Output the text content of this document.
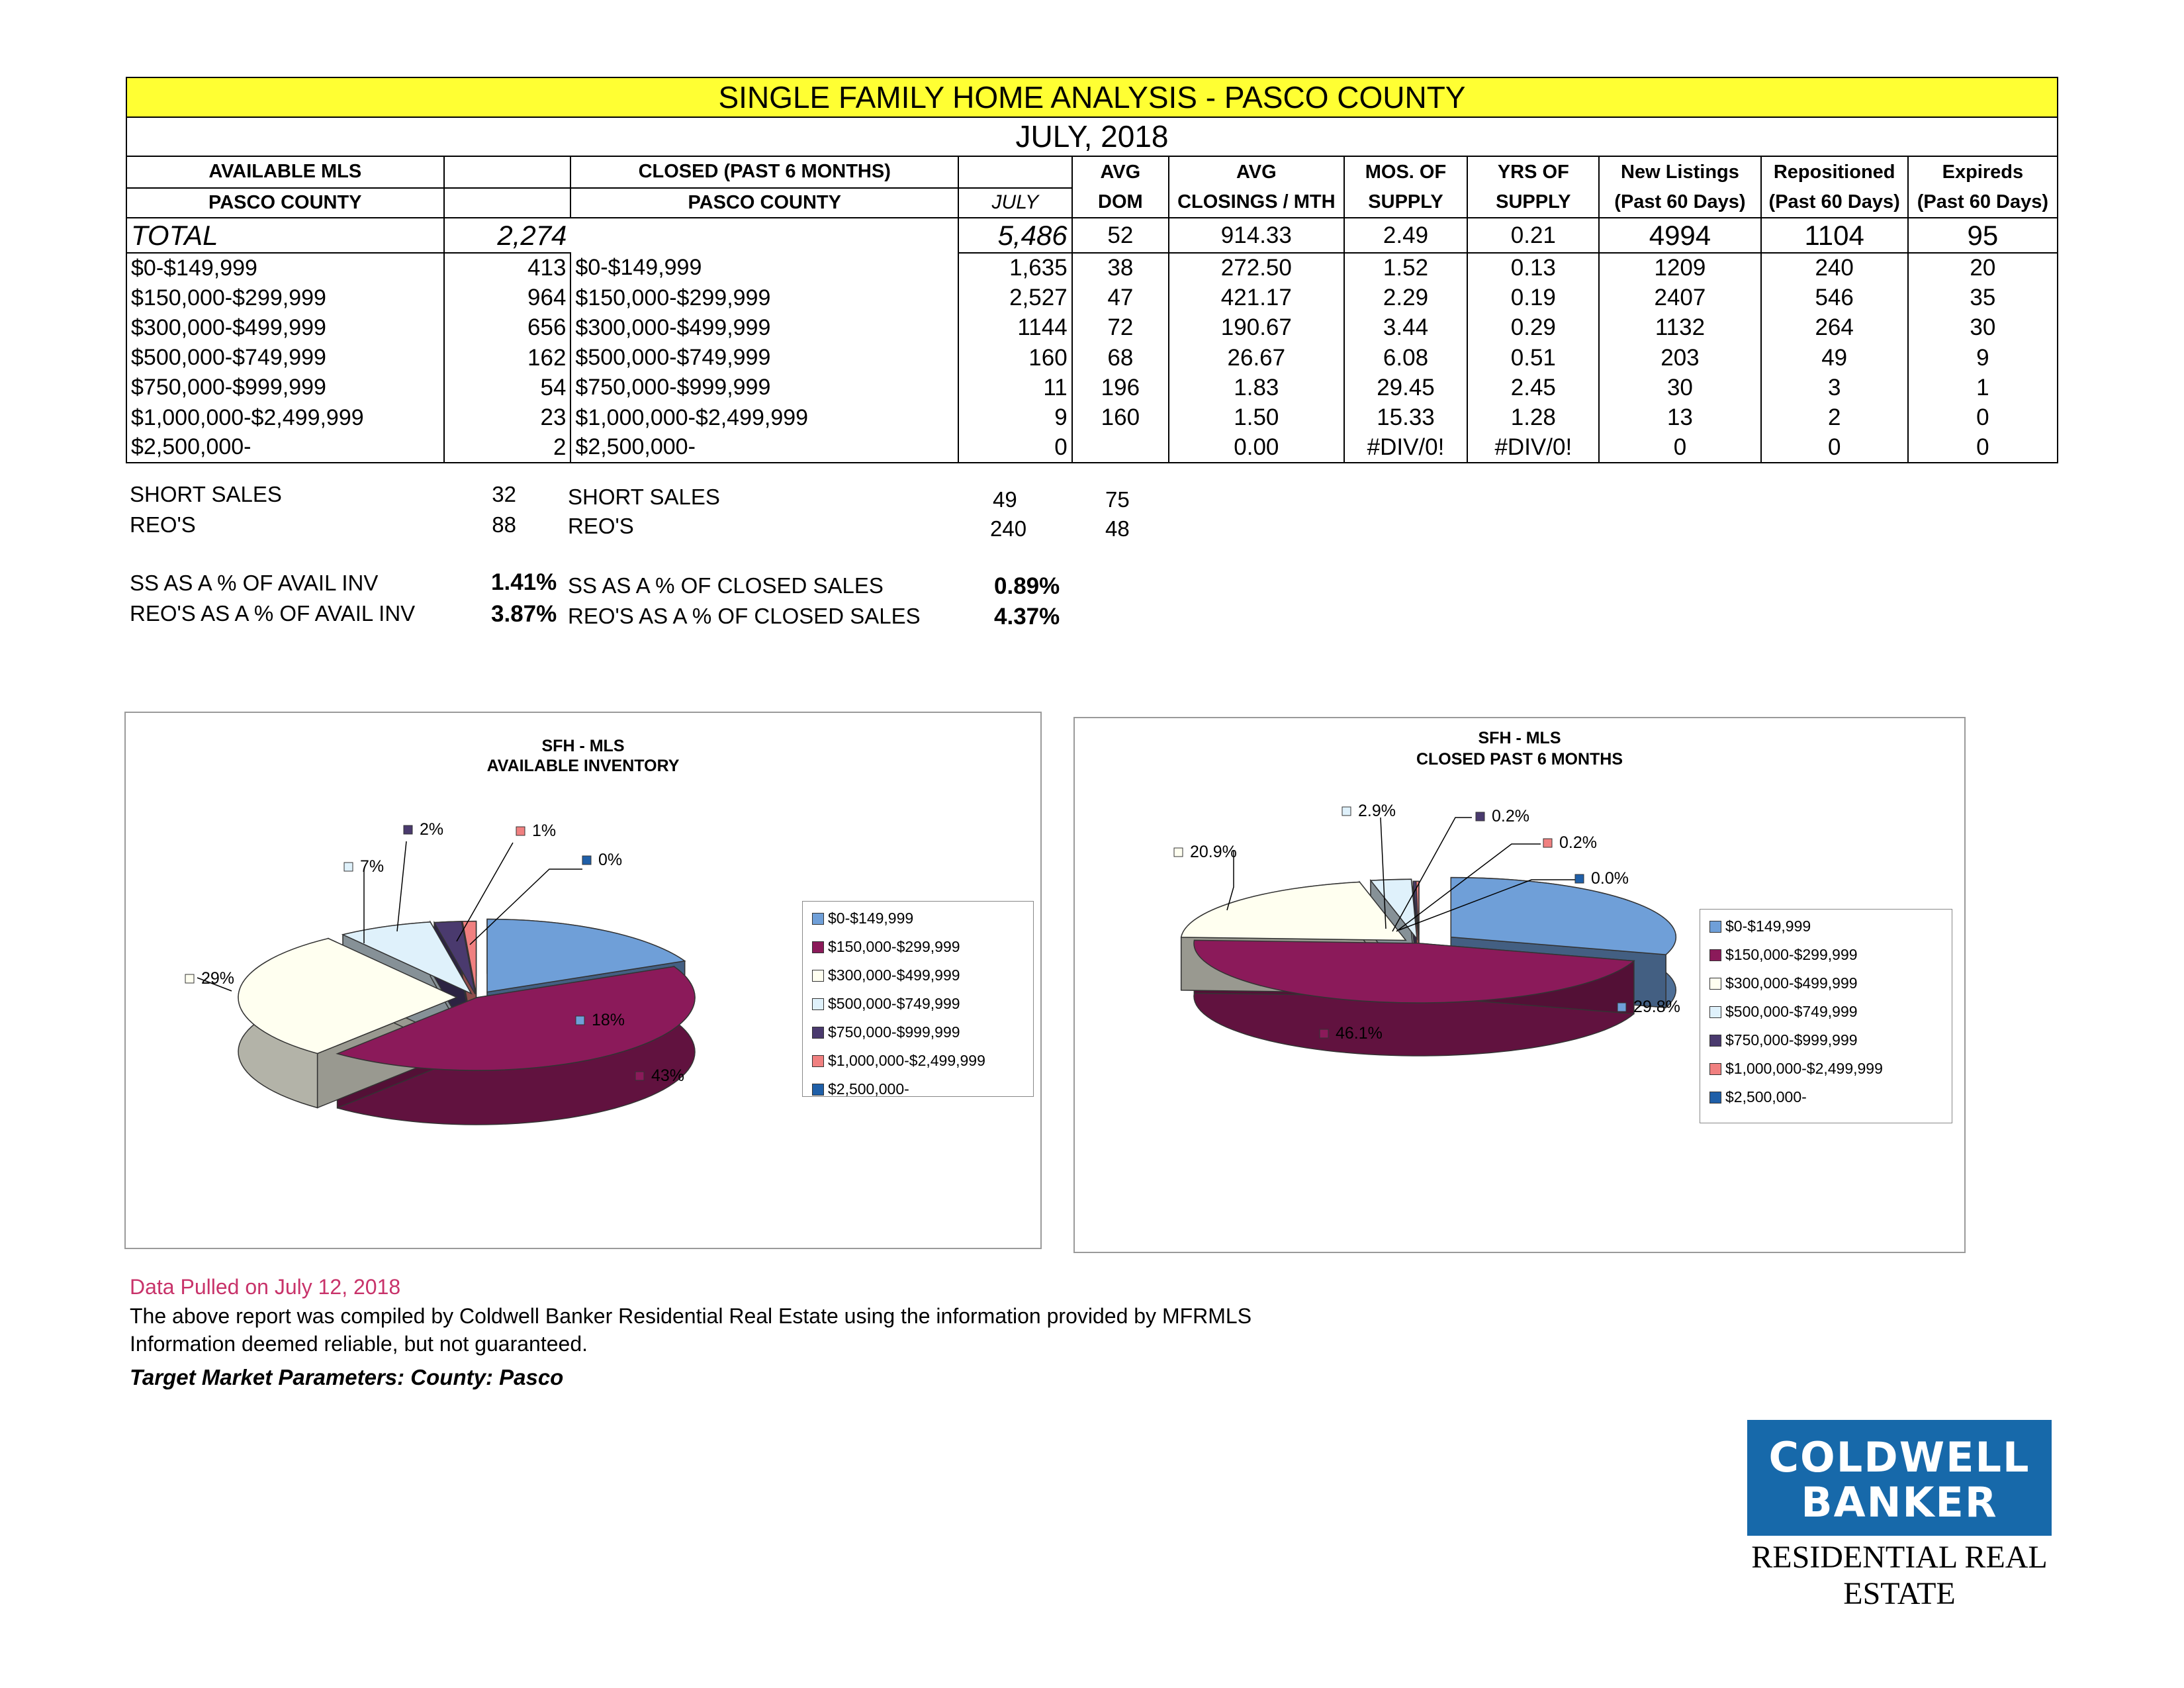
SINGLE FAMILY HOME ANALYSIS - PASCO COUNTY										
JULY, 2018										
AVAILABLE MLS		CLOSED (PAST 6 MONTHS)		AVG	AVG	MOS. OF	YRS OF	New Listings	Repositioned	Expireds
PASCO COUNTY		PASCO COUNTY	JULY	DOM	CLOSINGS / MTH	SUPPLY	SUPPLY	(Past 60 Days)	(Past 60 Days)	(Past 60 Days)
TOTAL	2,274		5,486	52	914.33	2.49	0.21	4994	1104	95
$0-$149,999	413	$0-$149,999	1,635	38	272.50	1.52	0.13	1209	240	20
$150,000-$299,999	964	$150,000-$299,999	2,527	47	421.17	2.29	0.19	2407	546	35
$300,000-$499,999	656	$300,000-$499,999	1144	72	190.67	3.44	0.29	1132	264	30
$500,000-$749,999	162	$500,000-$749,999	160	68	26.67	6.08	0.51	203	49	9
$750,000-$999,999	54	$750,000-$999,999	11	196	1.83	29.45	2.45	30	3	1
$1,000,000-$2,499,999	23	$1,000,000-$2,499,999	9	160	1.50	15.33	1.28	13	2	0
$2,500,000-	2	$2,500,000-	0		0.00	#DIV/0!	#DIV/0!	0	0	0
SHORT SALES	32 SHORT SALES	49	75
REO'S	88 REO'S	240	48
SS AS A % OF AVAIL INV	1.41% SS AS A % OF CLOSED SALES	0.89%
REO'S AS A % OF AVAIL INV	3.87% REO'S AS A % OF CLOSED SALES	4.37%
SFH - MLS
AVAILABLE INVENTORY
18%
43%
29%
7%
2%	1%
0%
$0-$149,999
$150,000-$299,999
$300,000-$499,999
$500,000-$749,999
$750,000-$999,999
$1,000,000-$2,499,999
$2,500,000-
SFH - MLS
CLOSED PAST 6 MONTHS
29.8%
46.1%
20.9%
2.9%	0.2%
0.2%
0.0%
$0-$149,999
$150,000-$299,999
$300,000-$499,999
$500,000-$749,999
$750,000-$999,999
$1,000,000-$2,499,999
$2,500,000-
Data Pulled on July 12, 2018
The above report was compiled by Coldwell Banker Residential Real Estate using the information provided by MFRMLS
Information deemed reliable, but not guaranteed.
Target Market Parameters: County: Pasco
COLDWELL
BANKER
RESIDENTIAL REAL ESTATE
